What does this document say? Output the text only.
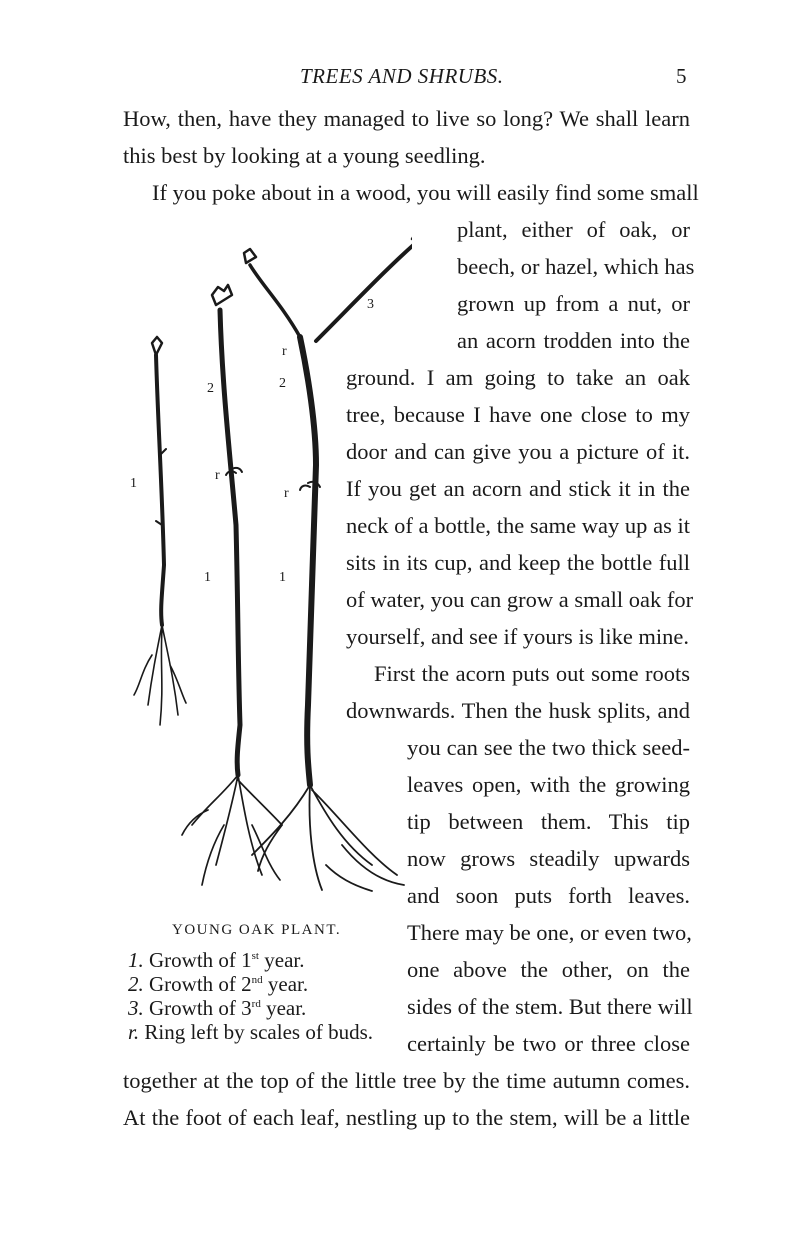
TREES AND SHRUBS.	5
How, then, have they managed to live so long? We shall learn
this best by looking at a young seedling.
If you poke about in a wood, you will easily find some small
plant, either of oak, or
beech, or hazel, which has
grown up from a nut, or
an acorn trodden into the
ground. I am going to take an oak
tree, because I have one close to my
door and can give you a picture of it.
If you get an acorn and stick it in the
neck of a bottle, the same way up as it
sits in its cup, and keep the bottle full
of water, you can grow a small oak for
yourself, and see if yours is like mine.
First the acorn puts out some roots
downwards. Then the husk splits, and
you can see the two thick seed-
leaves open, with the growing
tip between them. This tip
now grows steadily upwards
and soon puts forth leaves.
There may be one, or even two,
one above the other, on the
sides of the stem. But there will
certainly be two or three close
together at the top of the little tree by the time autumn comes.
At the foot of each leaf, nestling up to the stem, will be a little
1
1	1
2	2
3
r
r
r
YOUNG OAK PLANT.
1. Growth of 1st year.
2. Growth of 2nd year.
3. Growth of 3rd year.
r. Ring left by scales of buds.
